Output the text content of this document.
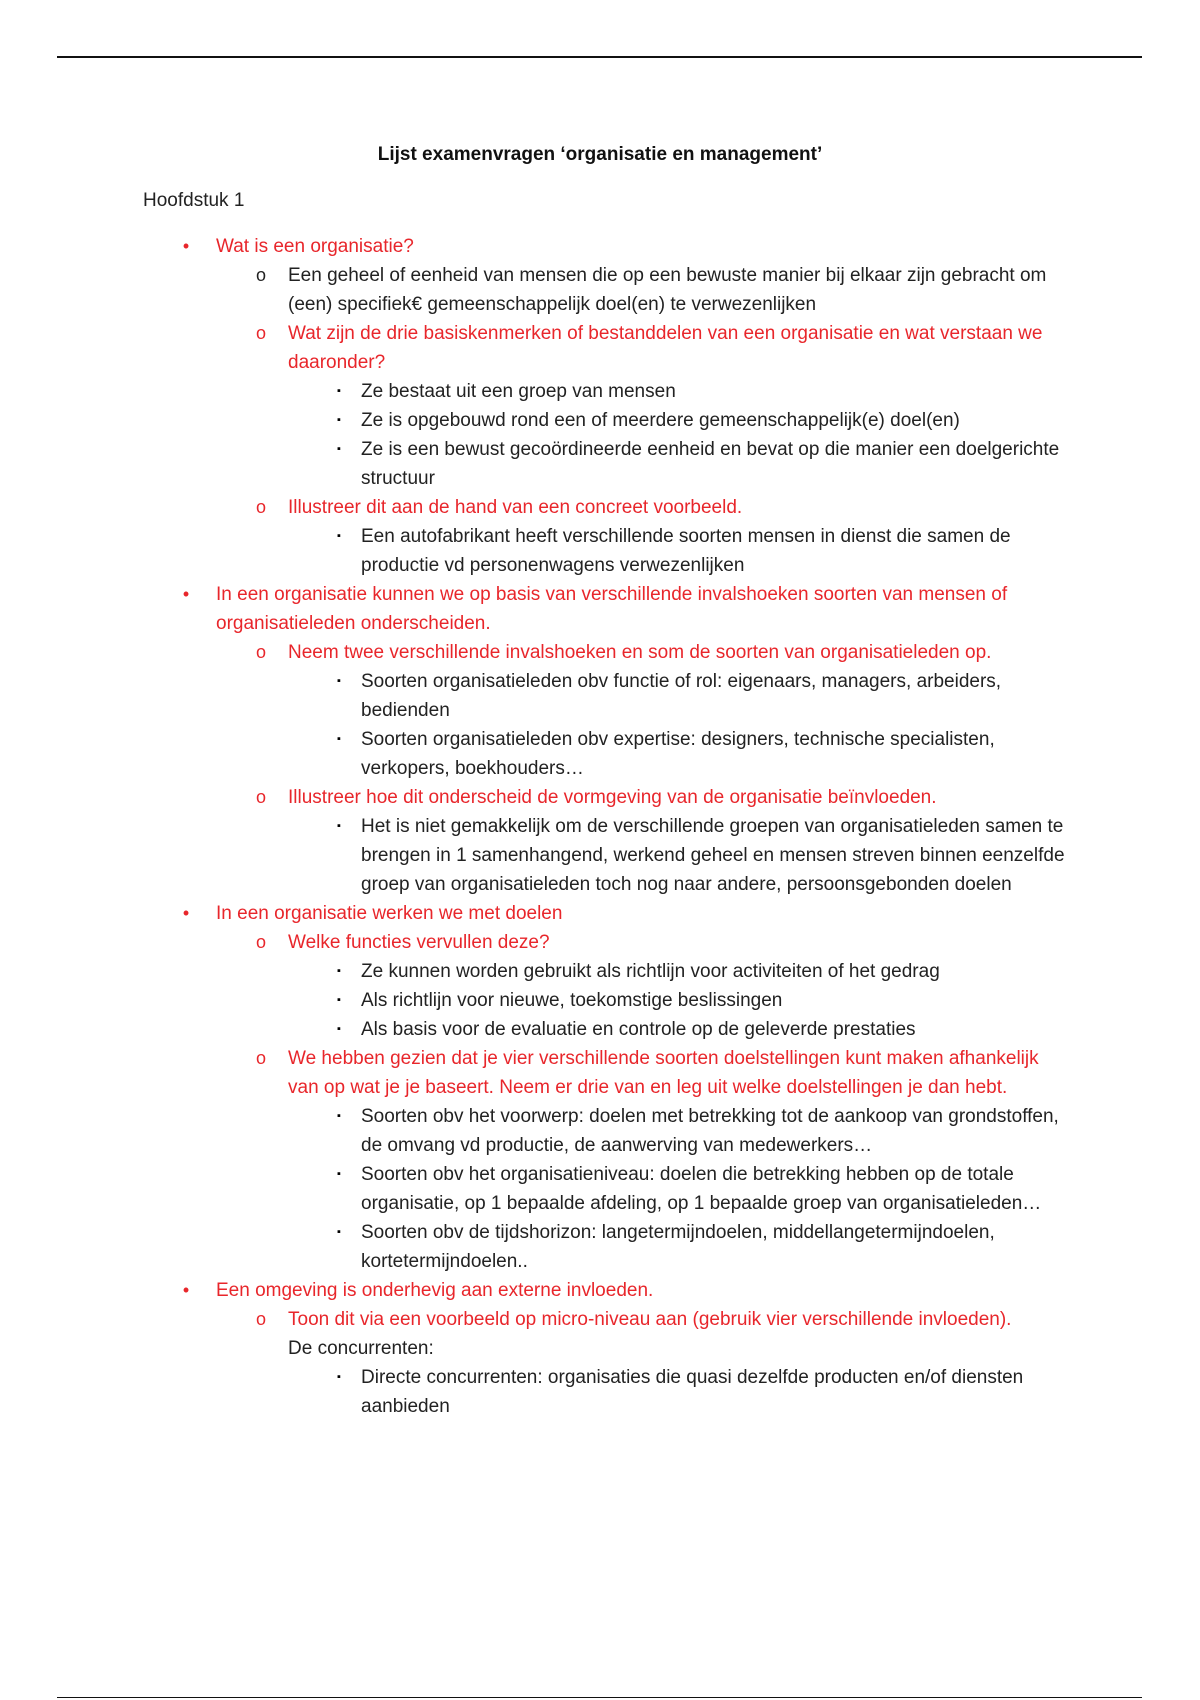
Lijst examenvragen ‘organisatie en management’
Hoofdstuk 1
•	Wat is een organisatie?
o Een geheel of eenheid van mensen die op een bewuste manier bij elkaar zijn gebracht om (een) specifiek€ gemeenschappelijk doel(en) te verwezenlijken
o Wat zijn de drie basiskenmerken of bestanddelen van een organisatie en wat verstaan we daaronder?
▪	Ze bestaat uit een groep van mensen
▪	Ze is opgebouwd rond een of meerdere gemeenschappelijk(e) doel(en)
▪	Ze is een bewust gecoördineerde eenheid en bevat op die manier een doelgerichte structuur
o Illustreer dit aan de hand van een concreet voorbeeld.
▪	Een autofabrikant heeft verschillende soorten mensen in dienst die samen de productie vd personenwagens verwezenlijken
•	In een organisatie kunnen we op basis van verschillende invalshoeken soorten van mensen of organisatieleden onderscheiden.
o Neem twee verschillende invalshoeken en som de soorten van organisatieleden op.
▪	Soorten organisatieleden obv functie of rol: eigenaars, managers, arbeiders, bedienden
▪	Soorten organisatieleden obv expertise: designers, technische specialisten, verkopers, boekhouders…
o Illustreer hoe dit onderscheid de vormgeving van de organisatie beïnvloeden.
▪	Het is niet gemakkelijk om de verschillende groepen van organisatieleden samen te brengen in 1 samenhangend, werkend geheel en mensen streven binnen eenzelfde groep van organisatieleden toch nog naar andere, persoonsgebonden doelen
•	In een organisatie werken we met doelen
o Welke functies vervullen deze?
▪	Ze kunnen worden gebruikt als richtlijn voor activiteiten of het gedrag
▪	Als richtlijn voor nieuwe, toekomstige beslissingen
▪	Als basis voor de evaluatie en controle op de geleverde prestaties
o We hebben gezien dat je vier verschillende soorten doelstellingen kunt maken afhankelijk van op wat je je baseert. Neem er drie van en leg uit welke doelstellingen je dan hebt.
▪	Soorten obv het voorwerp: doelen met betrekking tot de aankoop van grondstoffen, de omvang vd productie, de aanwerving van medewerkers…
▪	Soorten obv het organisatieniveau: doelen die betrekking hebben op de totale organisatie, op 1 bepaalde afdeling, op 1 bepaalde groep van organisatieleden…
▪	Soorten obv de tijdshorizon: langetermijndoelen, middellangetermijndoelen, kortetermijndoelen..
•	Een omgeving is onderhevig aan externe invloeden.
o Toon dit via een voorbeeld op micro-niveau aan (gebruik vier verschillende invloeden).
De concurrenten:
▪	Directe concurrenten: organisaties die quasi dezelfde producten en/of diensten aanbieden
